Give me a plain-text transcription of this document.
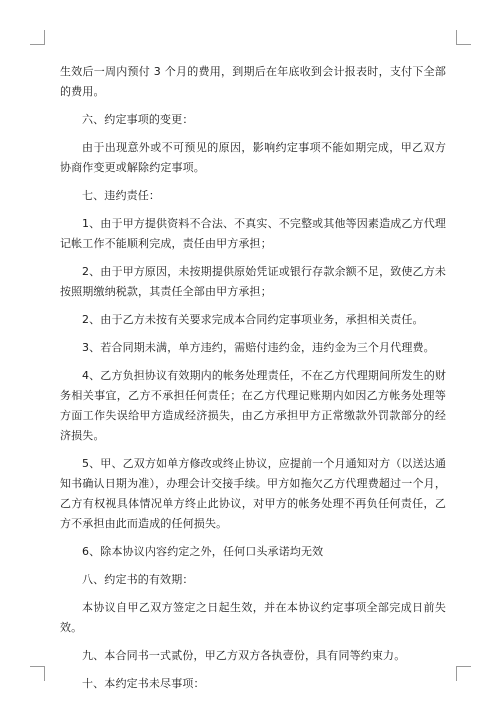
生效后一周内预付 3 个月的费用，到期后在年底收到会计报表时，支付下全部的费用。

六、约定事项的变更：

由于出现意外或不可预见的原因，影响约定事项不能如期完成，甲乙双方协商作变更或解除约定事项。

七、违约责任：

1、由于甲方提供资料不合法、不真实、不完整或其他等因素造成乙方代理记帐工作不能顺利完成，责任由甲方承担；

2、由于甲方原因，未按期提供原始凭证或银行存款余额不足，致使乙方未按照期缴纳税款，其责任全部由甲方承担；

2、由于乙方未按有关要求完成本合同约定事项业务，承担相关责任。

3、若合同期未满，单方违约，需赔付违约金，违约金为三个月代理费。

4、乙方负担协议有效期内的帐务处理责任，不在乙方代理期间所发生的财务相关事宜，乙方不承担任何责任；在乙方代理记账期内如因乙方帐务处理等方面工作失误给甲方造成经济损失，由乙方承担甲方正常缴款外罚款部分的经济损失。

5、甲、乙双方如单方修改或终止协议，应提前一个月通知对方（以送达通知书确认日期为准），办理会计交接手续。甲方如拖欠乙方代理费超过一个月，乙方有权视具体情况单方终止此协议，对甲方的帐务处理不再负任何责任，乙方不承担由此而造成的任何损失。

6、除本协议内容约定之外，任何口头承诺均无效

八、约定书的有效期：

本协议自甲乙双方签定之日起生效，并在本协议约定事项全部完成日前失效。

九、本合同书一式贰份，甲乙方双方各执壹份，具有同等约束力。

十、本约定书未尽事项：
